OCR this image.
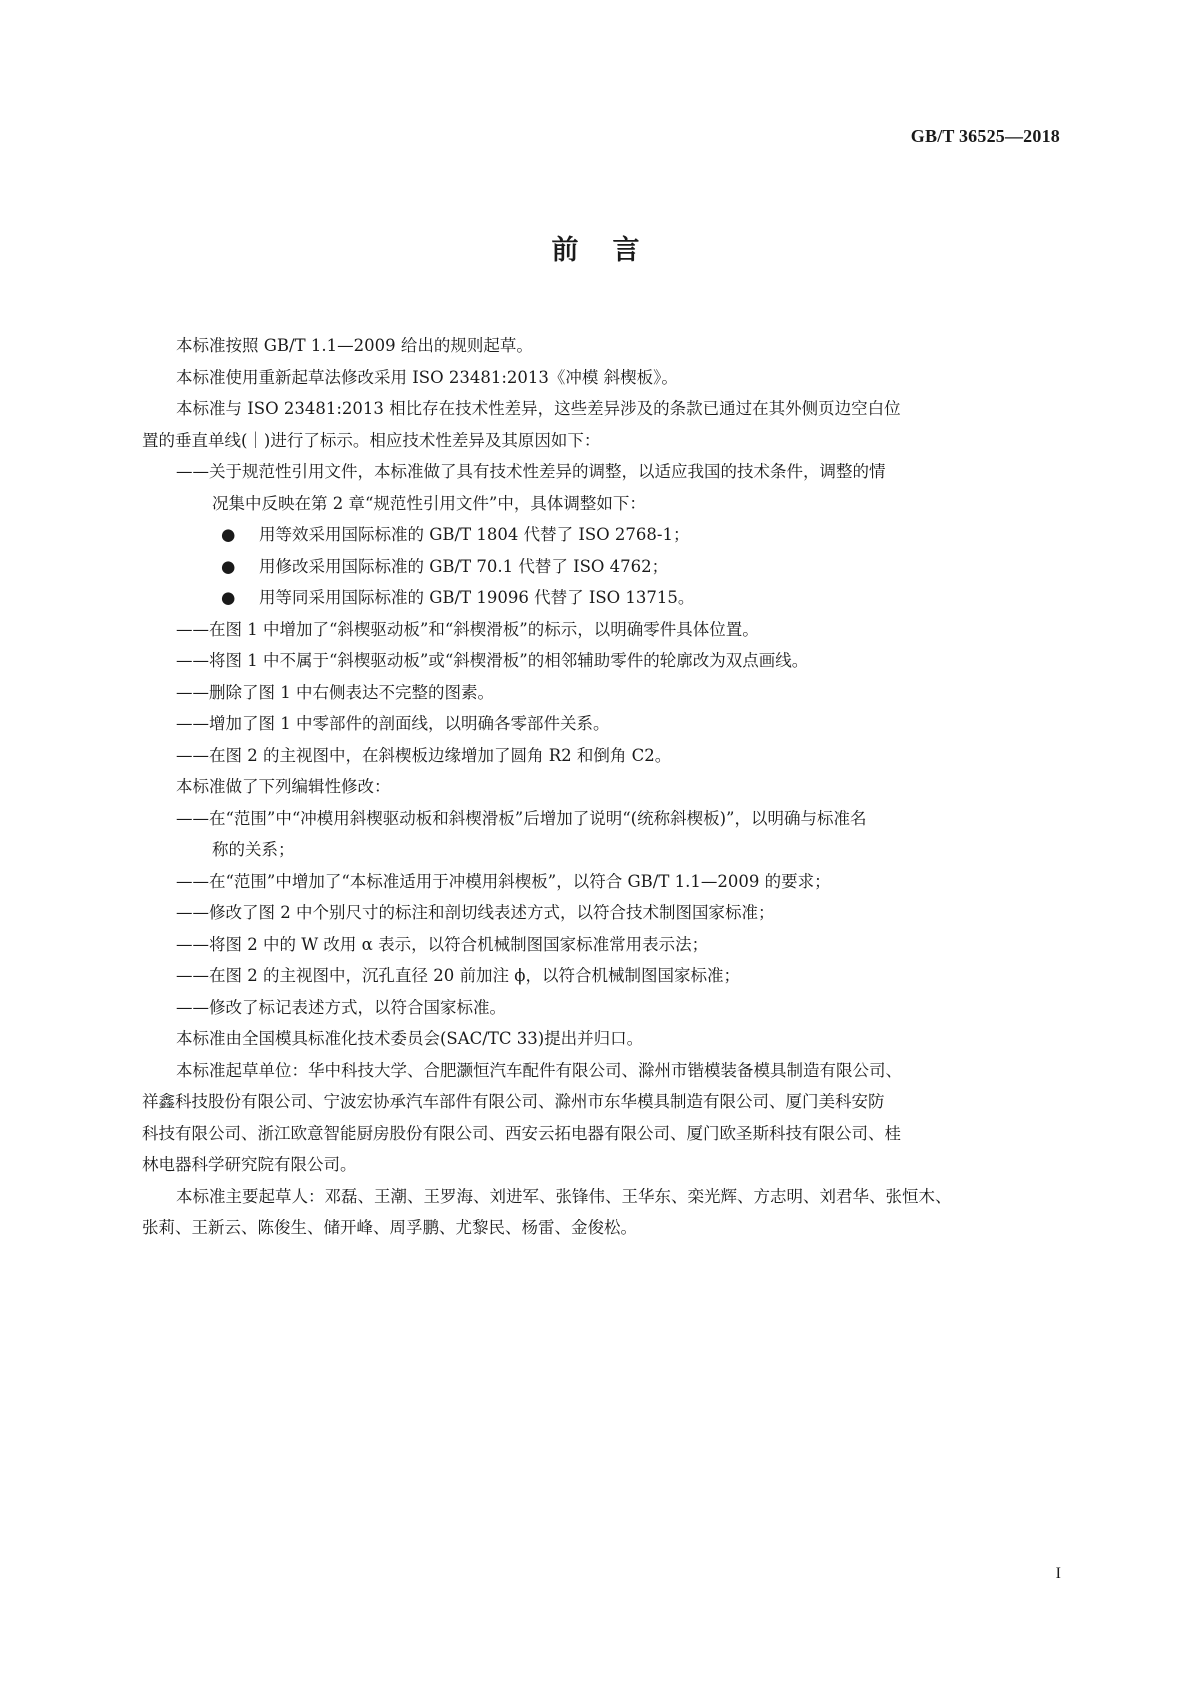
GB/T 36525—2018
前言
本标准按照 GB/T 1.1—2009 给出的规则起草。
本标准使用重新起草法修改采用 ISO 23481:2013《冲模 斜楔板》。
本标准与 ISO 23481:2013 相比存在技术性差异，这些差异涉及的条款已通过在其外侧页边空白位
置的垂直单线(｜)进行了标示。相应技术性差异及其原因如下：
——关于规范性引用文件，本标准做了具有技术性差异的调整，以适应我国的技术条件，调整的情
况集中反映在第 2 章“规范性引用文件”中，具体调整如下：
● 用等效采用国际标准的 GB/T 1804 代替了 ISO 2768-1；
● 用修改采用国际标准的 GB/T 70.1 代替了 ISO 4762；
● 用等同采用国际标准的 GB/T 19096 代替了 ISO 13715。
——在图 1 中增加了“斜楔驱动板”和“斜楔滑板”的标示，以明确零件具体位置。
——将图 1 中不属于“斜楔驱动板”或“斜楔滑板”的相邻辅助零件的轮廓改为双点画线。
——删除了图 1 中右侧表达不完整的图素。
——增加了图 1 中零部件的剖面线，以明确各零部件关系。
——在图 2 的主视图中，在斜楔板边缘增加了圆角 R2 和倒角 C2。
本标准做了下列编辑性修改：
——在“范围”中“冲模用斜楔驱动板和斜楔滑板”后增加了说明“(统称斜楔板)”，以明确与标准名
称的关系；
——在“范围”中增加了“本标准适用于冲模用斜楔板”，以符合 GB/T 1.1—2009 的要求；
——修改了图 2 中个别尺寸的标注和剖切线表述方式，以符合技术制图国家标准；
——将图 2 中的 W 改用 α 表示，以符合机械制图国家标准常用表示法；
——在图 2 的主视图中，沉孔直径 20 前加注 ϕ，以符合机械制图国家标准；
——修改了标记表述方式，以符合国家标准。
本标准由全国模具标准化技术委员会(SAC/TC 33)提出并归口。
本标准起草单位：华中科技大学、合肥灏恒汽车配件有限公司、滁州市锴模装备模具制造有限公司、
祥鑫科技股份有限公司、宁波宏协承汽车部件有限公司、滁州市东华模具制造有限公司、厦门美科安防
科技有限公司、浙江欧意智能厨房股份有限公司、西安云拓电器有限公司、厦门欧圣斯科技有限公司、桂
林电器科学研究院有限公司。
本标准主要起草人：邓磊、王潮、王罗海、刘进军、张锋伟、王华东、栾光辉、方志明、刘君华、张恒木、
张莉、王新云、陈俊生、储开峰、周孚鹏、尤黎民、杨雷、金俊松。
I
